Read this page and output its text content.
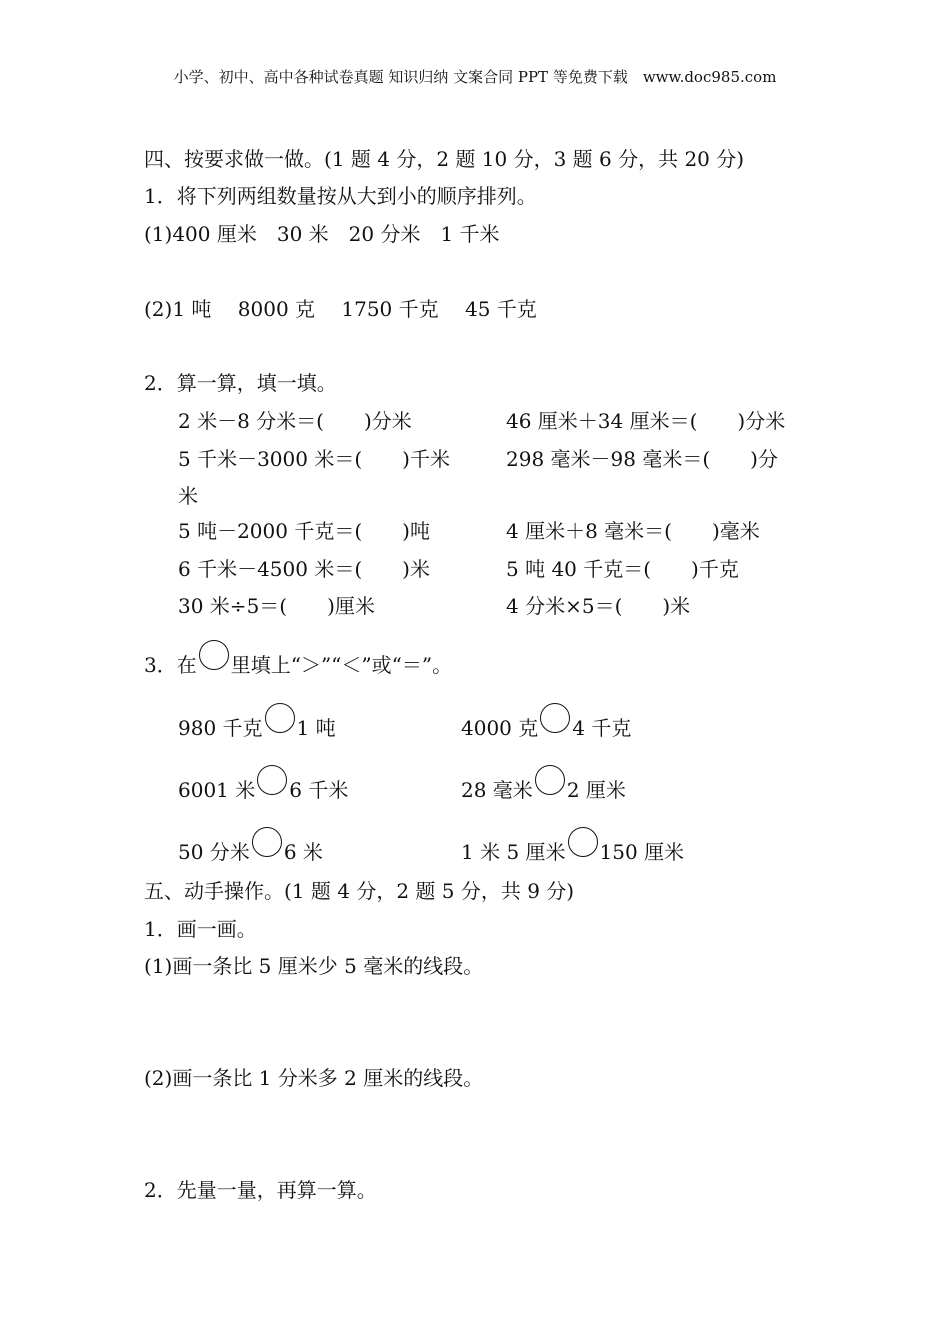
小学、初中、高中各种试卷真题 知识归纳 文案合同 PPT 等免费下载　www.doc985.com
四、按要求做一做。(1 题 4 分，2 题 10 分，3 题 6 分，共 20 分)
1．将下列两组数量按从大到小的顺序排列。
(1)400 厘米　30 米　20 分米　1 千米
(2)1 吨　 8000 克　 1750 千克　 45 千克
2．算一算，填一填。
2 米－8 分米＝(　　)分米	46 厘米＋34 厘米＝(　　)分米
5 千米－3000 米＝(　　)千米	298 毫米－98 毫米＝(　　)分
米
5 吨－2000 千克＝(　　)吨	4 厘米＋8 毫米＝(　　)毫米
6 千米－4500 米＝(　　)米	5 吨 40 千克＝(　　)千克
30 米÷5＝(　　)厘米	4 分米×5＝(　　)米
3．在 里填上“＞”“＜”或“＝”。
980 千克 1 吨	4000 克 4 千克
6001 米 6 千米	28 毫米 2 厘米
50 分米 6 米	1 米 5 厘米 150 厘米
五、动手操作。(1 题 4 分，2 题 5 分，共 9 分)
1．画一画。
(1)画一条比 5 厘米少 5 毫米的线段。
(2)画一条比 1 分米多 2 厘米的线段。
2．先量一量，再算一算。
